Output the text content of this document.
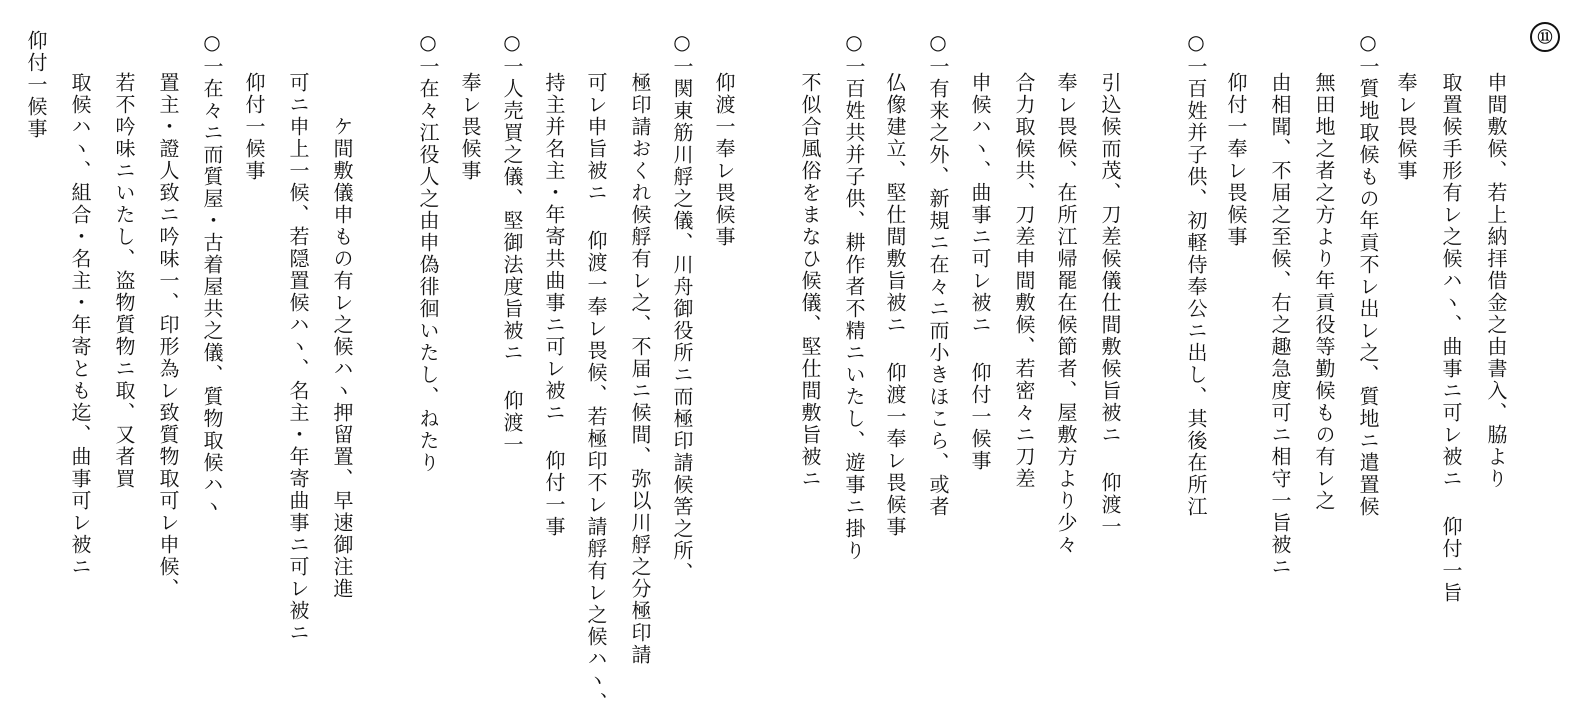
⑪
申間敷候、若上納拝借金之由書入、脇より
取置候手形有レ之候ハヽ、曲事ニ可レ被ニ 仰付一旨
奉レ畏候事
○一質地取候もの年貢不レ出レ之、質地ニ遣置候
無田地之者之方より年貢役等勤候もの有レ之
由相聞、不届之至候、右之趣急度可ニ相守一旨被ニ
仰付一奉レ畏候事
○一百姓并子供、初軽侍奉公ニ出し、其後在所江
引込候而茂、刀差候儀仕間敷候旨被ニ 仰渡一
奉レ畏候、在所江帰罷在候節者、屋敷方より少々
合力取候共、刀差申間敷候、若密々ニ刀差
申候ハヽ、曲事ニ可レ被ニ 仰付一候事
○一有来之外、新規ニ在々ニ而小きほこら、或者
仏像建立、堅仕間敷旨被ニ 仰渡一奉レ畏候事
○一百姓共并子供、耕作者不精ニいたし、遊事ニ掛り
不似合風俗をまなひ候儀、堅仕間敷旨被ニ
○一関東筋川艀之儀、川舟御役所ニ而極印請候筈之所、
極印請おくれ候艀有レ之、不届ニ候間、弥以川艀之分極印請
可レ申旨被ニ 仰渡一奉レ畏候、若極印不レ請艀有レ之候ハヽ、
持主并名主・年寄共曲事ニ可レ被ニ 仰付一事	仰渡一奉レ畏候事
○一人売買之儀、堅御法度旨被ニ 仰渡一
奉レ畏候事
○一在々江役人之由申偽徘徊いたし、ねたり
ケ間敷儀申もの有レ之候ハヽ押留置、早速御注進
可ニ申上一候、若隠置候ハヽ、名主・年寄曲事ニ可レ被ニ
仰付一候事
○一在々ニ而質屋・古着屋共之儀、質物取候ハヽ
置主・證人致ニ吟味一、印形為レ致質物取可レ申候、
若不吟味ニいたし、盗物質物ニ取、又者買
取候ハヽ、組合・名主・年寄とも迄、曲事可レ被ニ
仰付一候事
